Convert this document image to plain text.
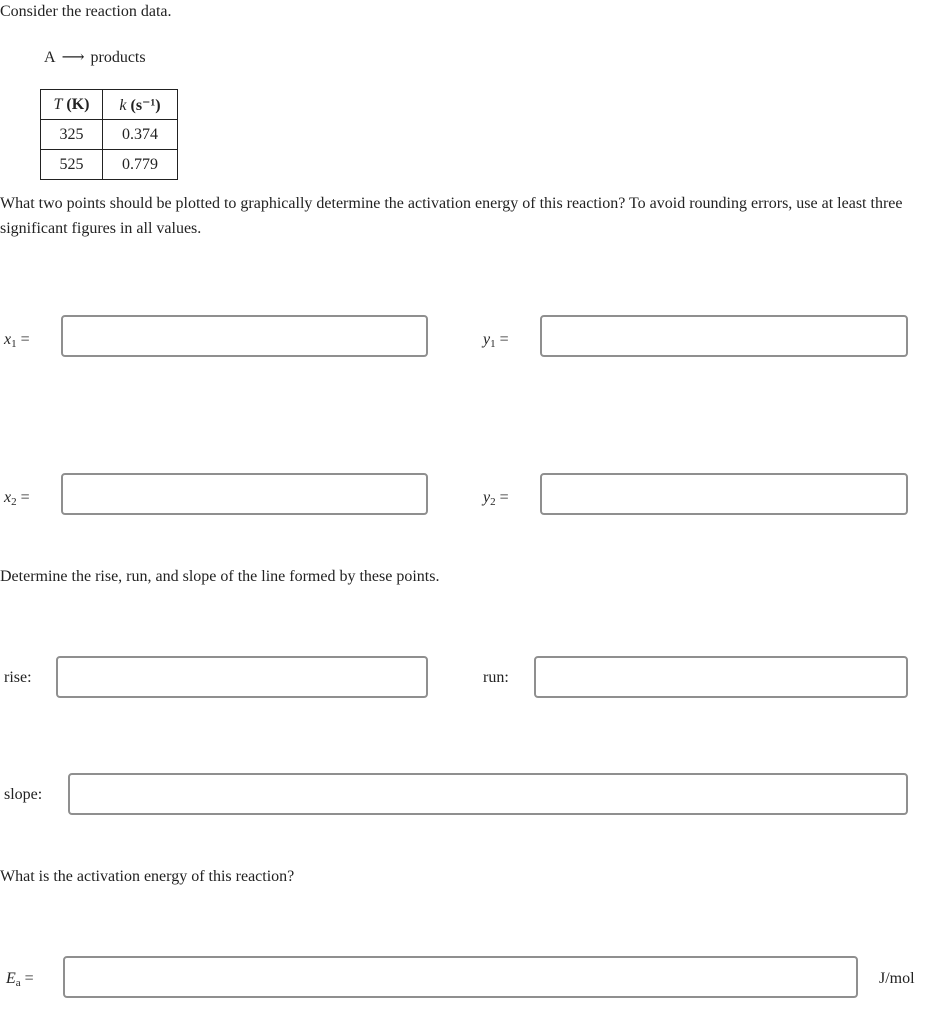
Consider the reaction data.
A ⟶ products
T (K)	k (s⁻¹)
325	0.374
525	0.779
What two points should be plotted to graphically determine the activation energy of this reaction? To avoid rounding errors, use at least three significant figures in all values.
$x_1$ =	$y_1$ =
$x_2$ =	$y_2$ =
Determine the rise, run, and slope of the line formed by these points.
rise:	run:
slope:
What is the activation energy of this reaction?
$E_a$ =	J/mol
